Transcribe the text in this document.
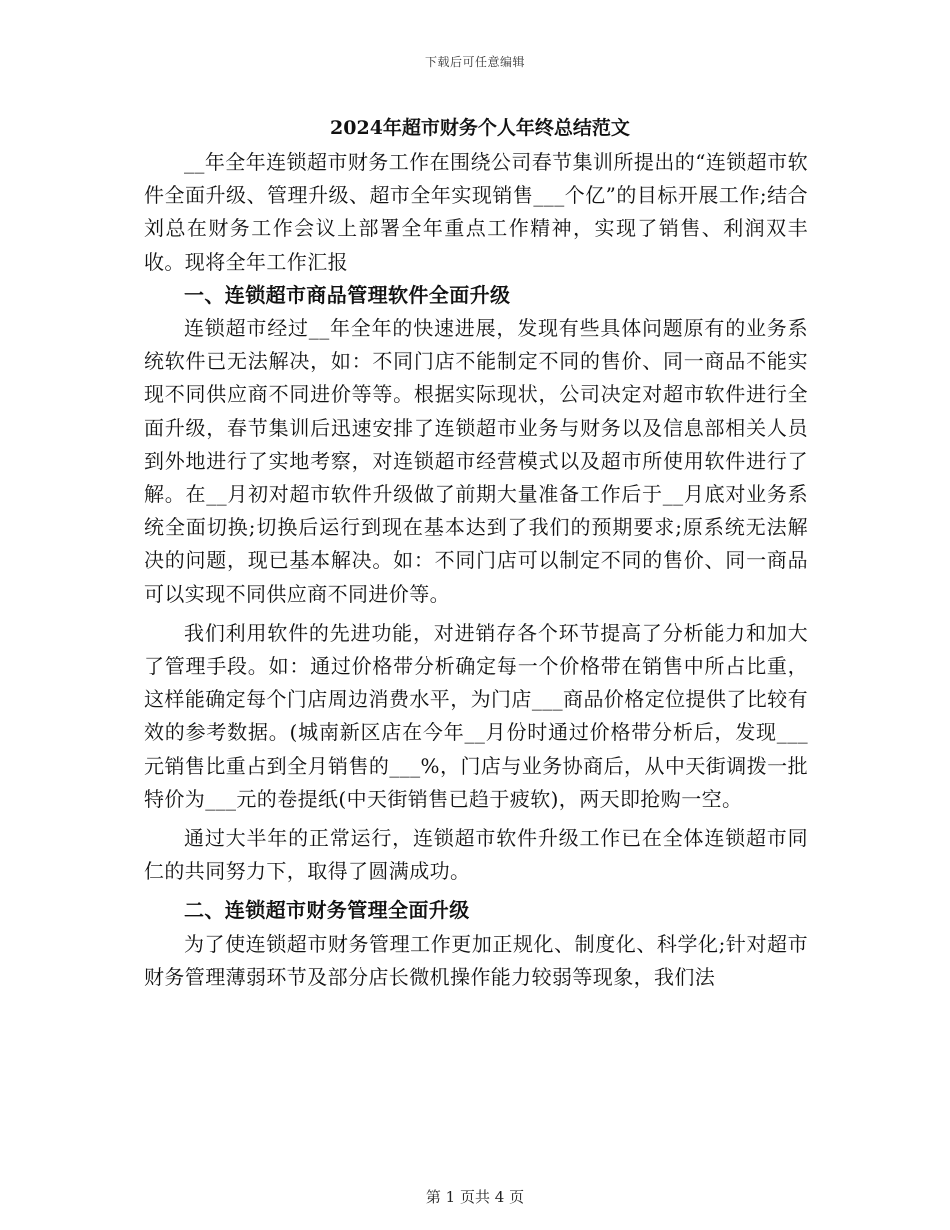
下载后可任意编辑
2024年超市财务个人年终总结范文

__年全年连锁超市财务工作在围绕公司春节集训所提出的“连锁超市软件全面升级、管理升级、超市全年实现销售___个亿”的目标开展工作;结合刘总在财务工作会议上部署全年重点工作精神，实现了销售、利润双丰收。现将全年工作汇报

一、连锁超市商品管理软件全面升级

连锁超市经过__年全年的快速进展，发现有些具体问题原有的业务系统软件已无法解决，如：不同门店不能制定不同的售价、同一商品不能实现不同供应商不同进价等等。根据实际现状，公司决定对超市软件进行全面升级，春节集训后迅速安排了连锁超市业务与财务以及信息部相关人员到外地进行了实地考察，对连锁超市经营模式以及超市所使用软件进行了解。在__月初对超市软件升级做了前期大量准备工作后于__月底对业务系统全面切换;切换后运行到现在基本达到了我们的预期要求;原系统无法解决的问题，现已基本解决。如：不同门店可以制定不同的售价、同一商品可以实现不同供应商不同进价等。

我们利用软件的先进功能，对进销存各个环节提高了分析能力和加大了管理手段。如：通过价格带分析确定每一个价格带在销售中所占比重，这样能确定每个门店周边消费水平，为门店___商品价格定位提供了比较有效的参考数据。(城南新区店在今年__月份时通过价格带分析后，发现___元销售比重占到全月销售的___%，门店与业务协商后，从中天街调拨一批特价为___元的卷提纸(中天街销售已趋于疲软)，两天即抢购一空。

通过大半年的正常运行，连锁超市软件升级工作已在全体连锁超市同仁的共同努力下，取得了圆满成功。

二、连锁超市财务管理全面升级

为了使连锁超市财务管理工作更加正规化、制度化、科学化;针对超市财务管理薄弱环节及部分店长微机操作能力较弱等现象，我们法

第 1 页共 4 页
